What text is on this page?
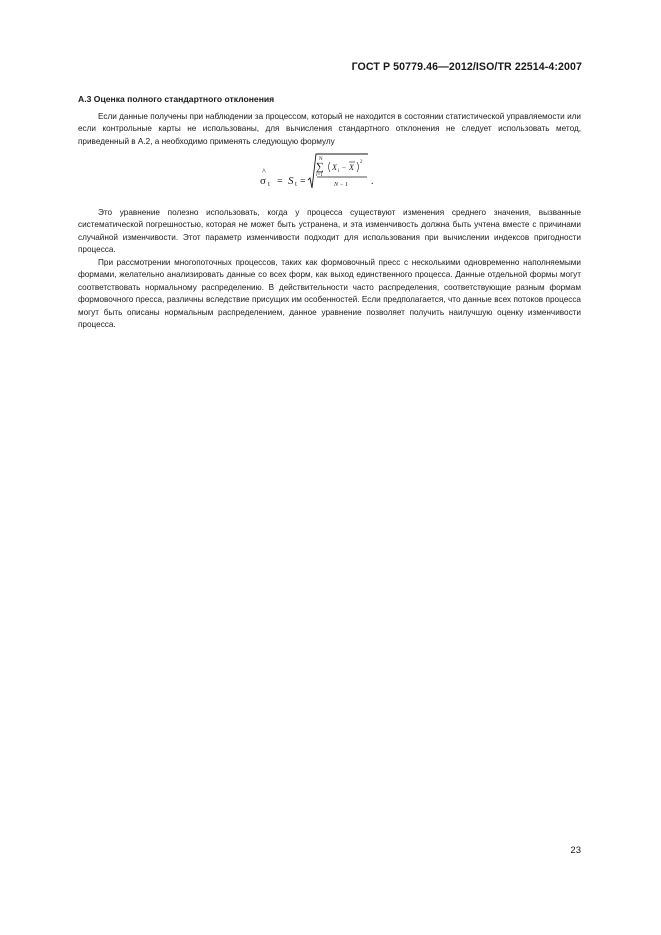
ГОСТ Р 50779.46—2012/ISO/TR 22514-4:2007
А.3 Оценка полного стандартного отклонения

Если данные получены при наблюдении за процессом, который не находится в состоянии статистической управляемости или если контрольные карты не использованы, для вычисления стандартного отклонения не следует использовать метод, приведенный в А.2, а необходимо применять следующую формулу

^
σ t = S t =
N
∑
i=1
X i − X
2
N − 1 .

Это уравнение полезно использовать, когда у процесса существуют изменения среднего значения, вызванные систематической погрешностью, которая не может быть устранена, и эта изменчивость должна быть учтена вместе с причинами случайной изменчивости. Этот параметр изменчивости подходит для использования при вычислении индексов пригодности процесса.

При рассмотрении многопоточных процессов, таких как формовочный пресс с несколькими одновременно наполняемыми формами, желательно анализировать данные со всех форм, как выход единственного процесса. Данные отдельной формы могут соответствовать нормальному распределению. В действительности часто распределения, соответствующие разным формам формовочного пресса, различны вследствие присущих им особенностей. Если предполагается, что данные всех потоков процесса могут быть описаны нормальным распределением, данное уравнение позволяет получить наилучшую оценку изменчивости процесса.

23
